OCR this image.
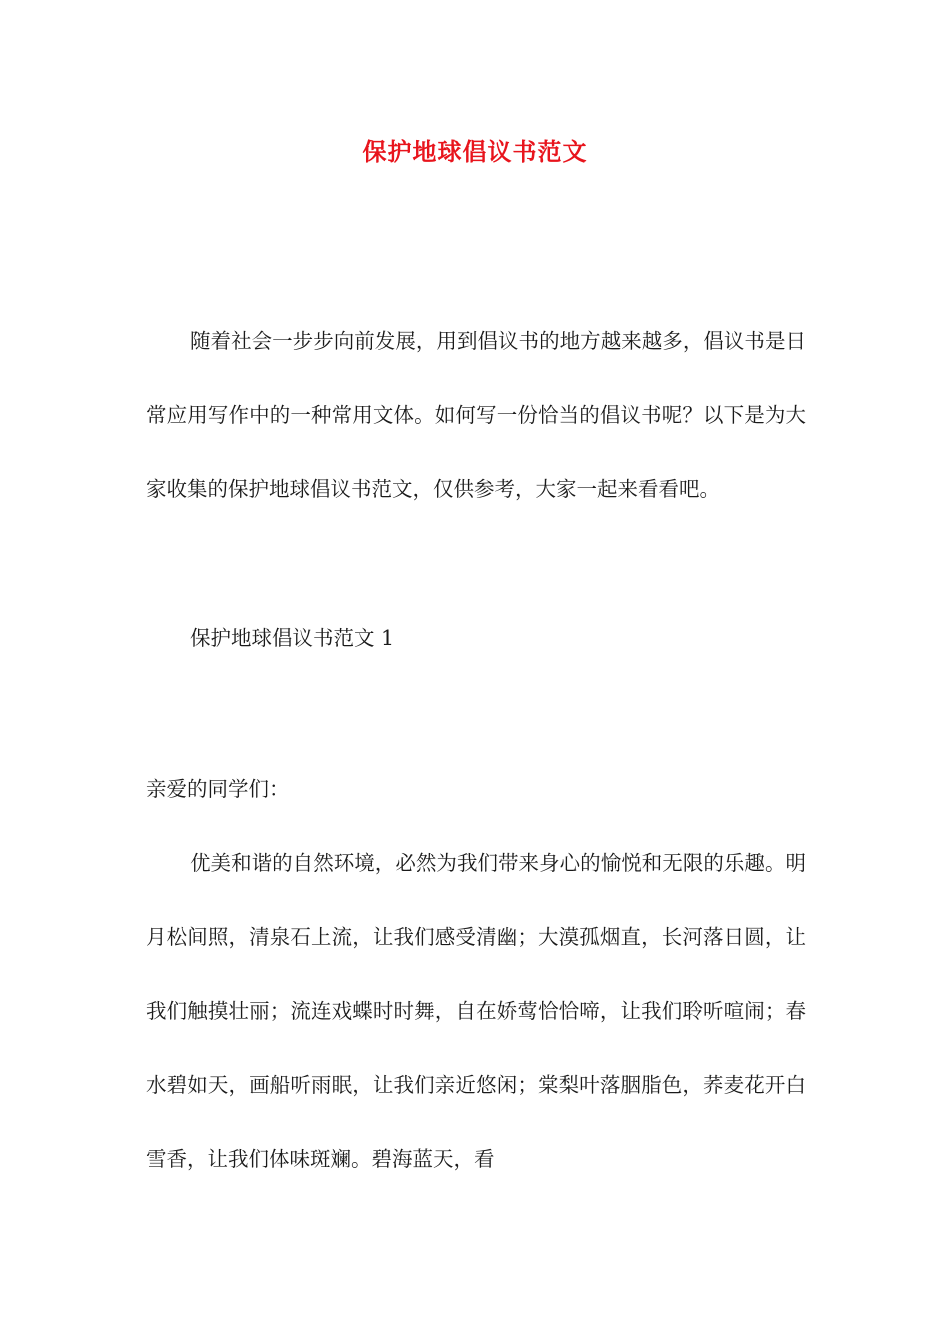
保护地球倡议书范文

随着社会一步步向前发展，用到倡议书的地方越来越多，倡议书是日常应用写作中的一种常用文体。如何写一份恰当的倡议书呢？以下是为大家收集的保护地球倡议书范文，仅供参考，大家一起来看看吧。

保护地球倡议书范文 1

亲爱的同学们：

优美和谐的自然环境，必然为我们带来身心的愉悦和无限的乐趣。明月松间照，清泉石上流，让我们感受清幽；大漠孤烟直，长河落日圆，让我们触摸壮丽；流连戏蝶时时舞，自在娇莺恰恰啼，让我们聆听喧闹；春水碧如天，画船听雨眠，让我们亲近悠闲；棠梨叶落胭脂色，荞麦花开白雪香，让我们体味斑斓。碧海蓝天，看
